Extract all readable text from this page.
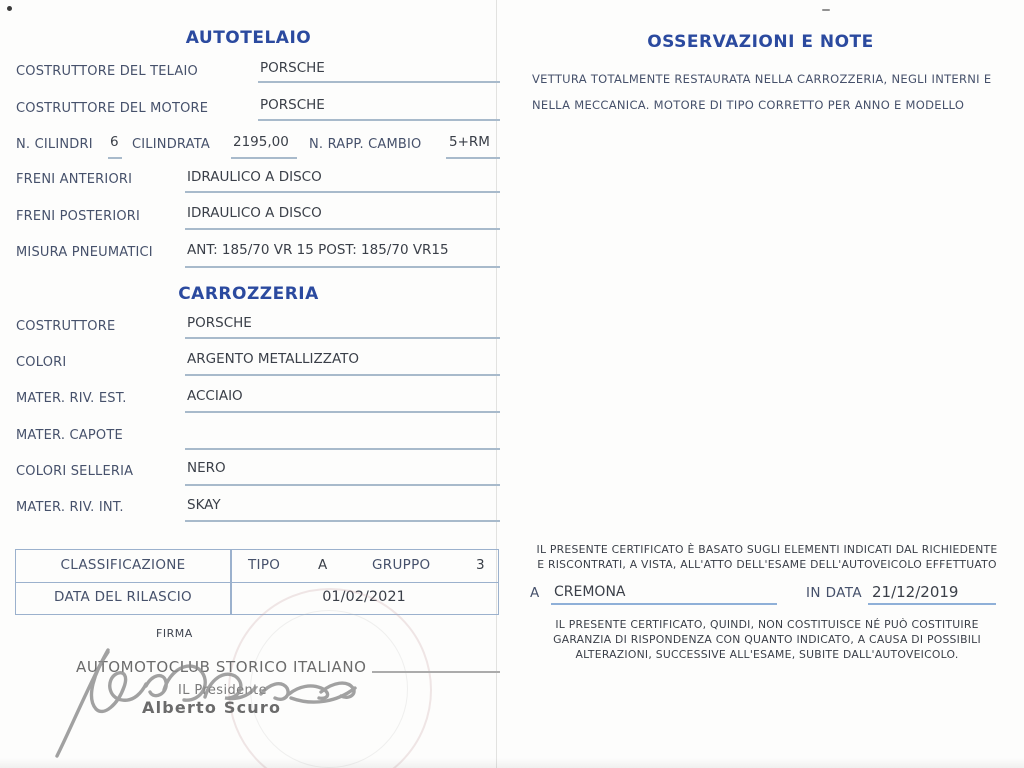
AUTOTELAIO
COSTRUTTORE DEL TELAIO	PORSCHE
COSTRUTTORE DEL MOTORE	PORSCHE
N. CILINDRI 6 CILINDRATA 2195,00 N. RAPP. CAMBIO 5+RM
FRENI ANTERIORI	IDRAULICO A DISCO
FRENI POSTERIORI	IDRAULICO A DISCO
MISURA PNEUMATICI	ANT: 185/70 VR 15 POST: 185/70 VR15
CARROZZERIA
COSTRUTTORE	PORSCHE
COLORI	ARGENTO METALLIZZATO
MATER. RIV. EST.	ACCIAIO
MATER. CAPOTE
COLORI SELLERIA	NERO
MATER. RIV. INT.	SKAY
CLASSIFICAZIONE	TIPO	A	GRUPPO	3
DATA DEL RILASCIO	01/02/2021
FIRMA
AUTOMOTOCLUB STORICO ITALIANO
IL Presidente
Alberto Scuro
OSSERVAZIONI E NOTE
VETTURA TOTALMENTE RESTAURATA NELLA CARROZZERIA, NEGLI INTERNI E
NELLA MECCANICA. MOTORE DI TIPO CORRETTO PER ANNO E MODELLO
IL PRESENTE CERTIFICATO È BASATO SUGLI ELEMENTI INDICATI DAL RICHIEDENTE
E RISCONTRATI, A VISTA, ALL'ATTO DELL'ESAME DELL'AUTOVEICOLO EFFETTUATO
A CREMONA	IN DATA 21/12/2019
IL PRESENTE CERTIFICATO, QUINDI, NON COSTITUISCE NÉ PUÒ COSTITUIRE
GARANZIA DI RISPONDENZA CON QUANTO INDICATO, A CAUSA DI POSSIBILI
ALTERAZIONI, SUCCESSIVE ALL'ESAME, SUBITE DALL'AUTOVEICOLO.
